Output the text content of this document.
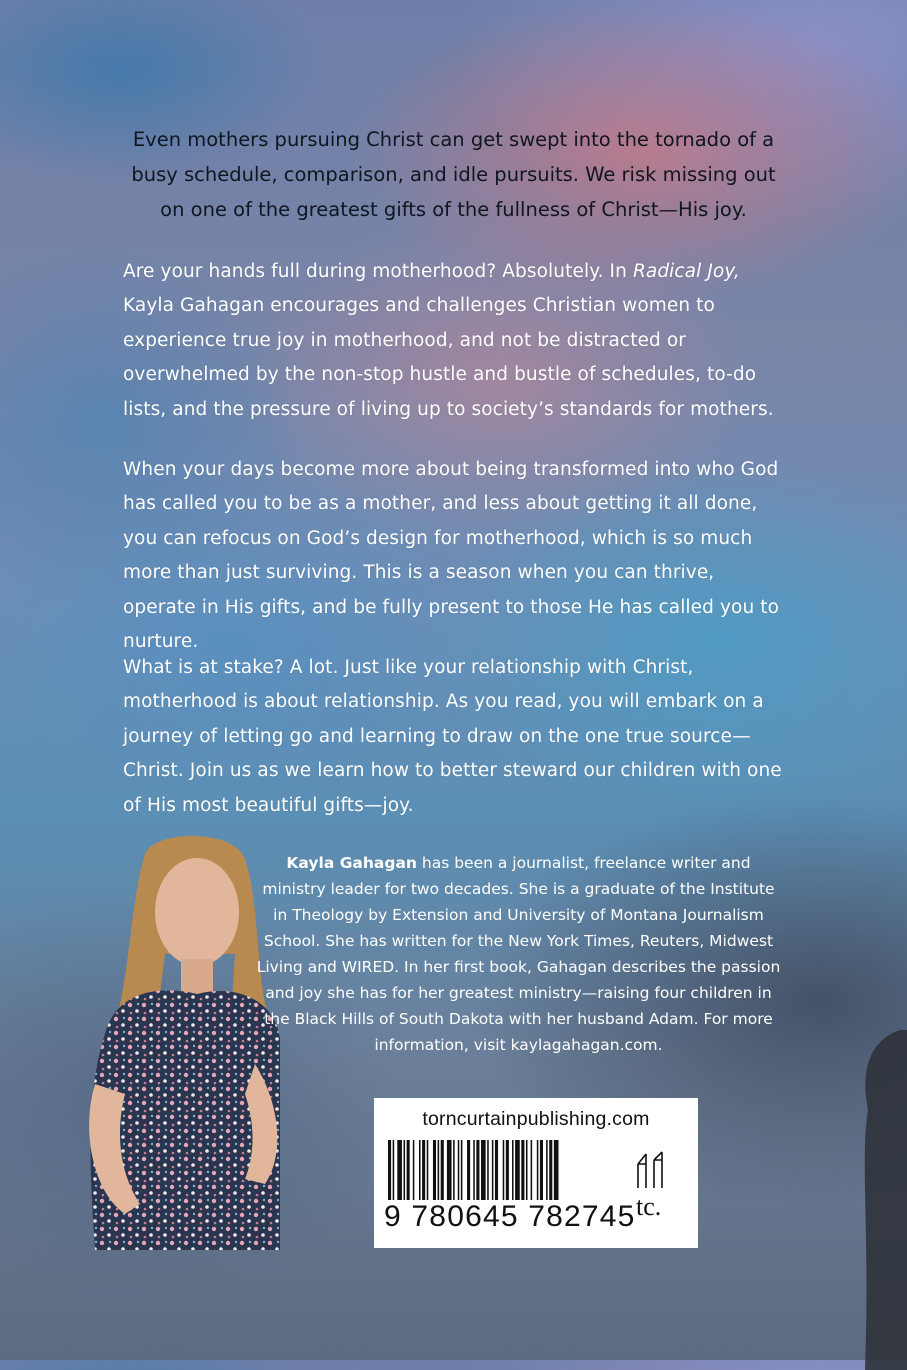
Even mothers pursuing Christ can get swept into the tornado of a busy schedule, comparison, and idle pursuits. We risk missing out on one of the greatest gifts of the fullness of Christ—His joy.

Are your hands full during motherhood? Absolutely. In Radical Joy, Kayla Gahagan encourages and challenges Christian women to experience true joy in motherhood, and not be distracted or overwhelmed by the non-stop hustle and bustle of schedules, to-do lists, and the pressure of living up to society’s standards for mothers.

When your days become more about being transformed into who God has called you to be as a mother, and less about getting it all done, you can refocus on God’s design for motherhood, which is so much more than just surviving. This is a season when you can thrive, operate in His gifts, and be fully present to those He has called you to nurture.

What is at stake? A lot. Just like your relationship with Christ, motherhood is about relationship. As you read, you will embark on a journey of letting go and learning to draw on the one true source—Christ. Join us as we learn how to better steward our children with one of His most beautiful gifts—joy.

Kayla Gahagan has been a journalist, freelance writer and ministry leader for two decades. She is a graduate of the Institute in Theology by Extension and University of Montana Journalism School. She has written for the New York Times, Reuters, Midwest Living and WIRED. In her first book, Gahagan describes the passion and joy she has for her greatest ministry—raising four children in the Black Hills of South Dakota with her husband Adam. For more information, visit kaylagahagan.com.

torncurtainpublishing.com
9 780645 782745 tc.
